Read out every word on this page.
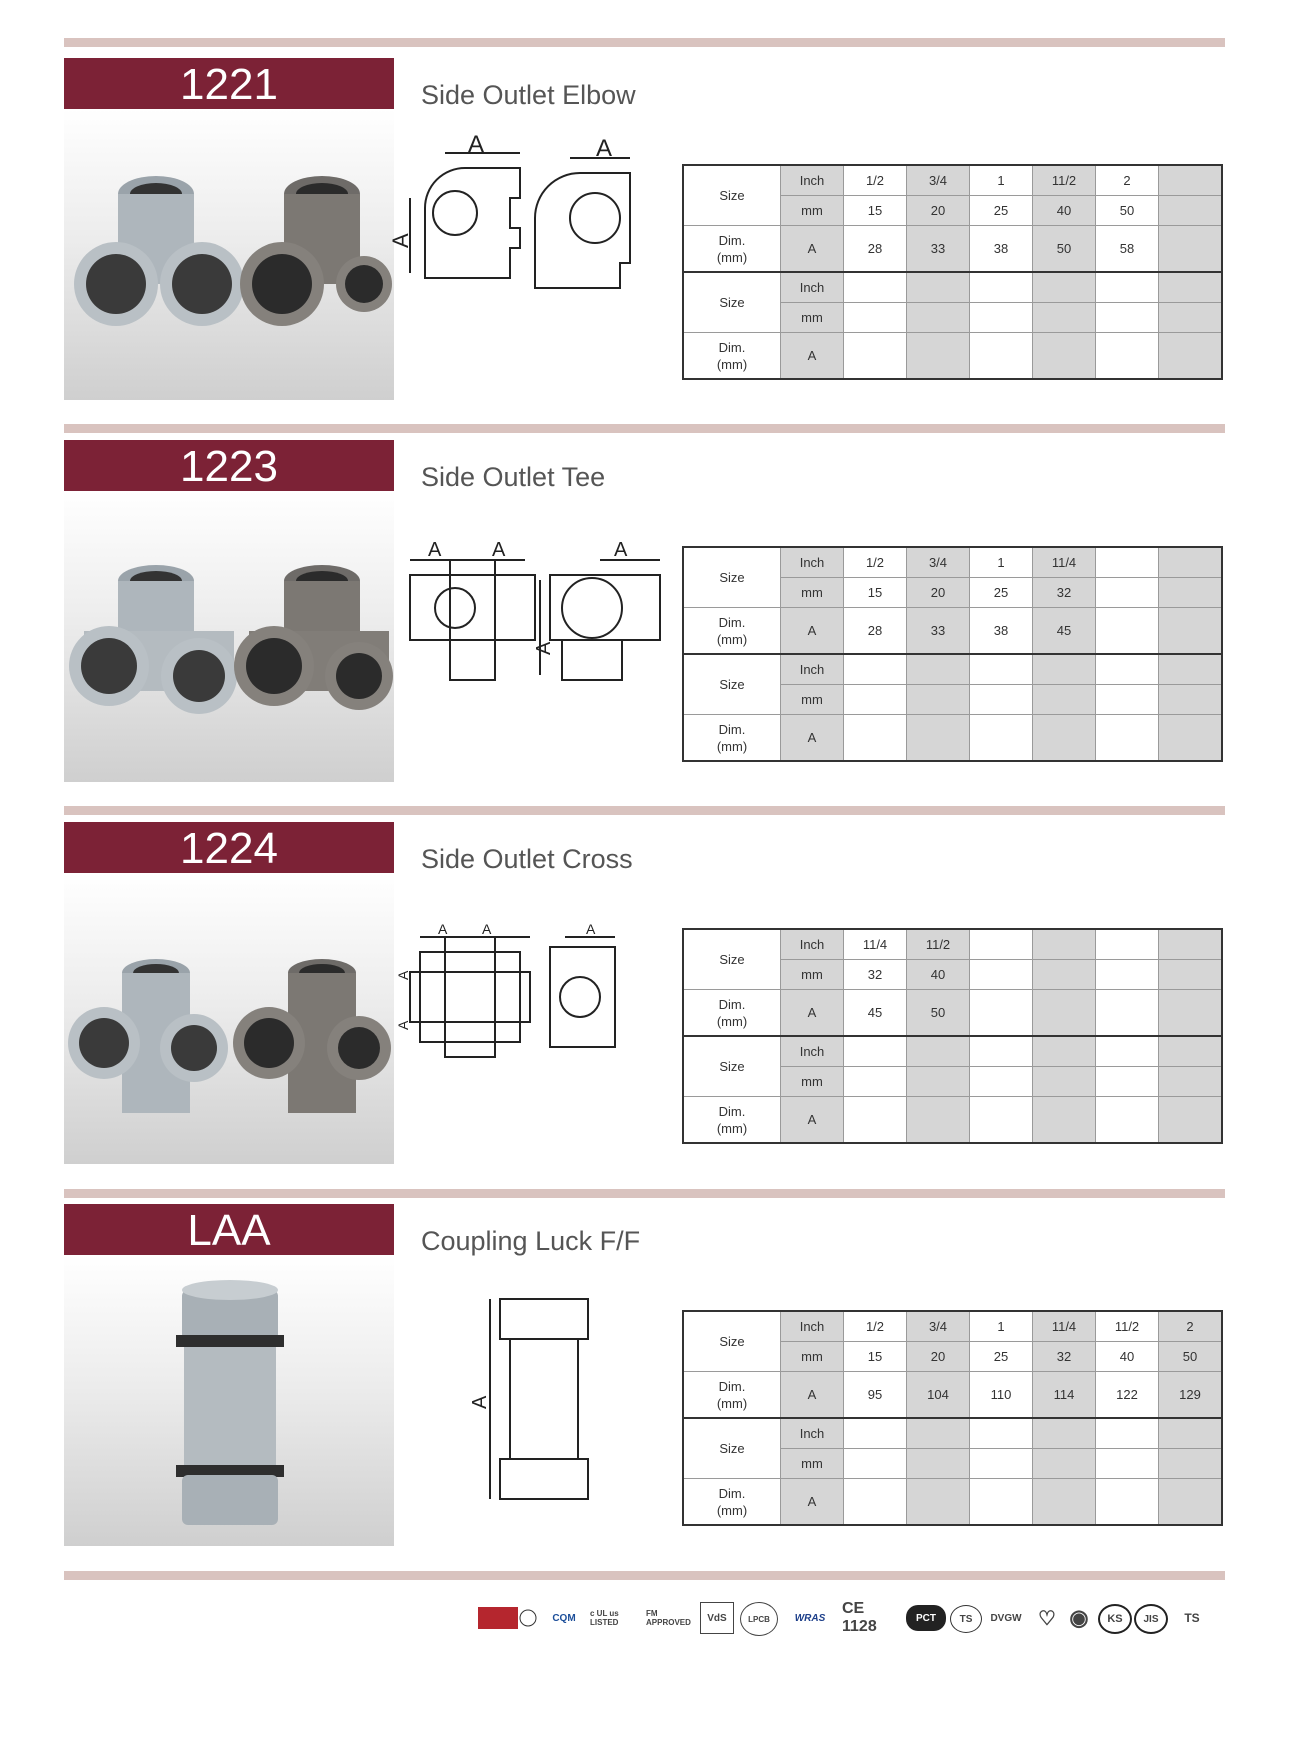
1221	Side Outlet Elbow
A	A
A
Size	Inch	1/2	3/4	1	11/2	2	
	mm	15	20	25	40	50	
Dim.
(mm)	A	28	33	38	50	58	
Size	Inch						
	mm						
Dim.
(mm)	A						
1223	Side Outlet Tee
A	A	A
A
Size	Inch	1/2	3/4	1	11/4		
	mm	15	20	25	32		
Dim.
(mm)	A	28	33	38	45		
Size	Inch						
	mm						
Dim.
(mm)	A						
1224	Side Outlet Cross
A A	A
A
A
Size	Inch	11/4	11/2				
	mm	32	40				
Dim.
(mm)	A	45	50				
Size	Inch						
	mm						
Dim.
(mm)	A						
LAA	Coupling Luck F/F
A
Size	Inch	1/2	3/4	1	11/4	11/2	2
	mm	15	20	25	32	40	50
Dim.
(mm)	A	95	104	110	114	122	129
Size	Inch						
	mm						
Dim.
(mm)	A						
CQM	c UL us LISTED
FM APPROVED	VdS	LPCB	WRAS
CE 1128	PCT	TS	DVGW ♡ ◉	KS	JIS	TS
